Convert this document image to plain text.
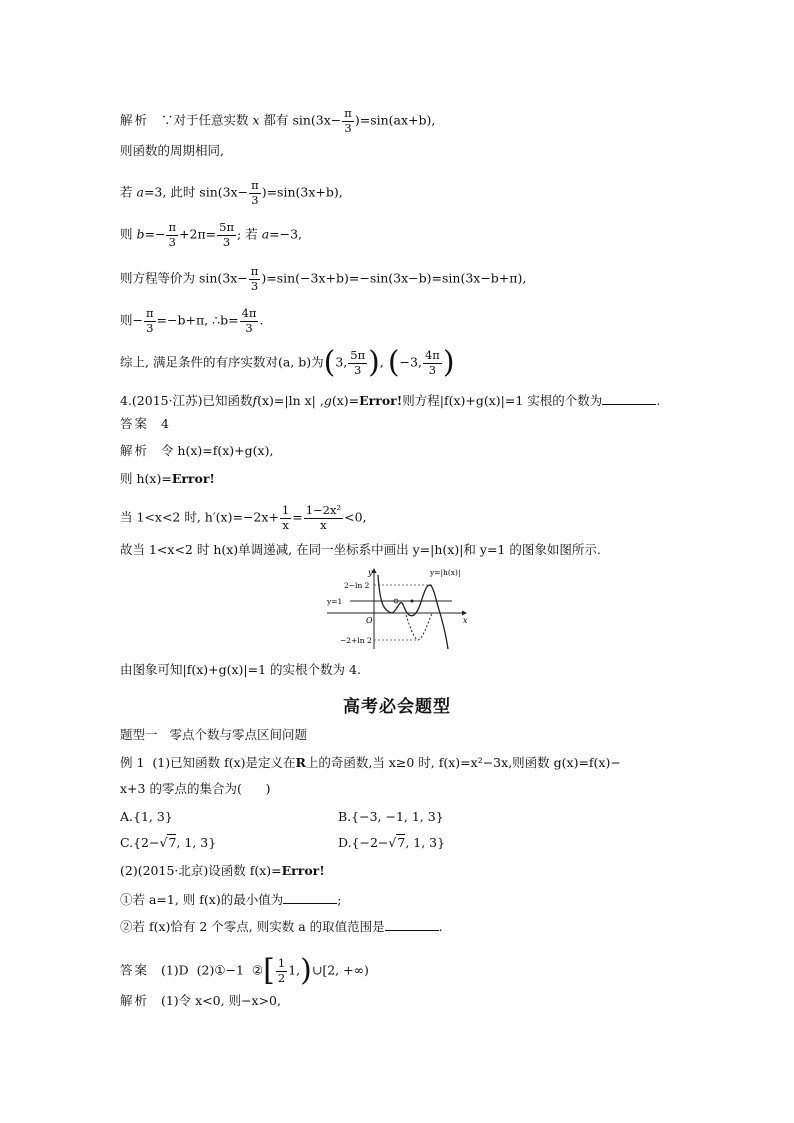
解析 ∵对于任意实数 x 都有 $\sin(3x- \frac{\pi}{3} )=\sin(ax+b)$,
则函数的周期相同,
若 a=3, 此时 $\sin(3x- \frac{\pi}{3} )=\sin(3x+b)$,
则 $b=- \frac{\pi}{3} +2\pi= \frac{5\pi}{3}$ ; 若 a=−3,
则方程等价为 $\sin(3x- \frac{\pi}{3} )=\sin(-3x+b)=-\sin(3x-b)=\sin(3x-b+\pi)$,
则− $\frac{\pi}{3} =-b+\pi$, ∴b= $\frac{4\pi}{3}$ .
综上, 满足条件的有序实数对(a, b)为(3, $\frac{5\pi}{3}$ ), (−3, $\frac{4\pi}{3}$ )
4.(2015·江苏)已知函数f(x)=|ln x| ,g(x)=Error!则方程|f(x)+g(x)|=1 实根的个数为	.
答案 4
解析 令 h(x)=f(x)+g(x),
则 h(x)=Error!
当 1<x<2 时, $h'(x)=-2x+ \frac{1}{x} = \frac{\text{1−2x²}}{x} <0$,
故当 1<x<2 时 h(x)单调递减, 在同一坐标系中画出 y=|h(x)|和 y=1 的图象如图所示.
y
x
O
y=|h(x)|
y=1
2−ln 2
−2+ln 2
由图象可知|f(x)+g(x)|=1 的实根个数为 4.
高考必会题型
题型一 零点个数与零点区间问题
例 1 (1)已知函数 f(x)是定义在R上的奇函数,当 x≥0 时, f(x)=x²−3x,则函数 g(x)=f(x)−
x+3 的零点的集合为( )
A.{1, 3}	B.{−3, −1, 1, 3}
C.{2−√7, 1, 3}	D.{−2−√7, 1, 3}
(2)(2015·北京)设函数 f(x)=Error!
①若 a=1, 则 f(x)的最小值为	;
②若 f(x)恰有 2 个零点, 则实数 a 的取值范围是	.
答案 (1)D (2)①−1 ②[ $\frac{1}{2}$ 1,)∪[2, +∞)
解析 (1)令 x<0, 则−x>0,
